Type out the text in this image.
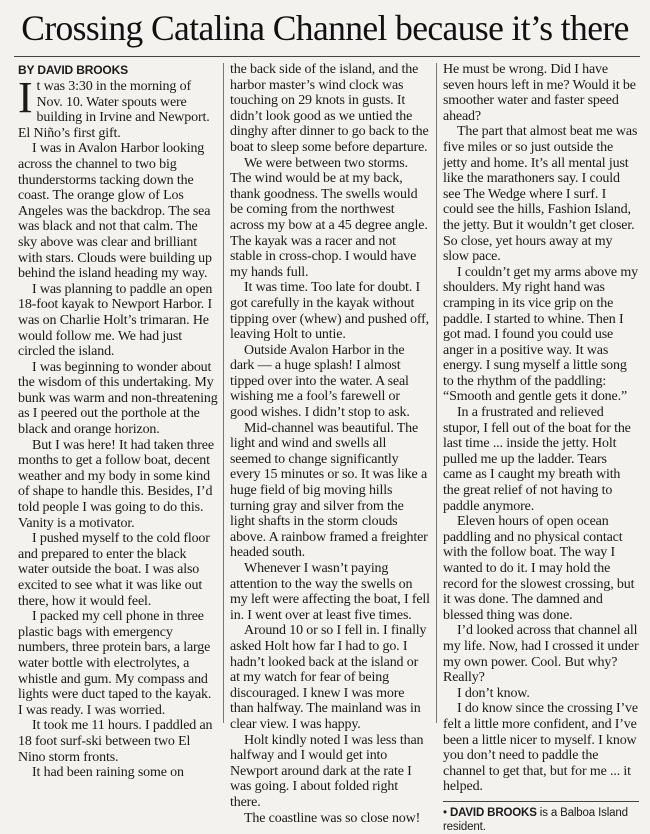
Crossing Catalina Channel because it’s there
BY DAVID BROOKS

It was 3:30 in the morning of Nov. 10. Water spouts were building in Irvine and Newport. El Niño’s first gift.

I was in Avalon Harbor looking across the channel to two big thunderstorms tacking down the coast. The orange glow of Los Angeles was the backdrop. The sea was black and not that calm. The sky above was clear and brilliant with stars. Clouds were building up behind the island heading my way.

I was planning to paddle an open 18-foot kayak to Newport Harbor. I was on Charlie Holt’s trimaran. He would follow me. We had just circled the island.

I was beginning to wonder about the wisdom of this undertaking. My bunk was warm and non-threatening as I peered out the porthole at the black and orange horizon.

But I was here! It had taken three months to get a follow boat, decent weather and my body in some kind of shape to handle this. Besides, I’d told people I was going to do this. Vanity is a motivator.

I pushed myself to the cold floor and prepared to enter the black water outside the boat. I was also excited to see what it was like out there, how it would feel.

I packed my cell phone in three plastic bags with emergency numbers, three protein bars, a large water bottle with electrolytes, a whistle and gum. My compass and lights were duct taped to the kayak. I was ready. I was worried.

It took me 11 hours. I paddled an 18 foot surf-ski between two El Nino storm fronts.

It had been raining some on

the back side of the island, and the harbor master’s wind clock was touching on 29 knots in gusts. It didn’t look good as we untied the dinghy after dinner to go back to the boat to sleep some before departure.

We were between two storms. The wind would be at my back, thank goodness. The swells would be coming from the northwest across my bow at a 45 degree angle. The kayak was a racer and not stable in cross-chop. I would have my hands full.

It was time. Too late for doubt. I got carefully in the kayak without tipping over (whew) and pushed off, leaving Holt to untie.

Outside Avalon Harbor in the dark — a huge splash! I almost tipped over into the water. A seal wishing me a fool’s farewell or good wishes. I didn’t stop to ask.

Mid-channel was beautiful. The light and wind and swells all seemed to change significantly every 15 minutes or so. It was like a huge field of big moving hills turning gray and silver from the light shafts in the storm clouds above. A rainbow framed a freighter headed south.

Whenever I wasn’t paying attention to the way the swells on my left were affecting the boat, I fell in. I went over at least five times.

Around 10 or so I fell in. I finally asked Holt how far I had to go. I hadn’t looked back at the island or at my watch for fear of being discouraged. I knew I was more than halfway. The mainland was in clear view. I was happy.

Holt kindly noted I was less than halfway and I would get into Newport around dark at the rate I was going. I about folded right there.

The coastline was so close now!

He must be wrong. Did I have seven hours left in me? Would it be smoother water and faster speed ahead?

The part that almost beat me was five miles or so just outside the jetty and home. It’s all mental just like the marathoners say. I could see The Wedge where I surf. I could see the hills, Fashion Island, the jetty. But it wouldn’t get closer. So close, yet hours away at my slow pace.

I couldn’t get my arms above my shoulders. My right hand was cramping in its vice grip on the paddle. I started to whine. Then I got mad. I found you could use anger in a positive way. It was energy. I sung myself a little song to the rhythm of the paddling: “Smooth and gentle gets it done.”

In a frustrated and relieved stupor, I fell out of the boat for the last time ... inside the jetty. Holt pulled me up the ladder. Tears came as I caught my breath with the great relief of not having to paddle anymore.

Eleven hours of open ocean paddling and no physical contact with the follow boat. The way I wanted to do it. I may hold the record for the slowest crossing, but it was done. The damned and blessed thing was done.

I’d looked across that channel all my life. Now, had I crossed it under my own power. Cool. But why? Really?

I don’t know.

I do know since the crossing I’ve felt a little more confident, and I’ve been a little nicer to myself. I know you don’t need to paddle the channel to get that, but for me ... it helped.

• DAVID BROOKS is a Balboa Island resident.
